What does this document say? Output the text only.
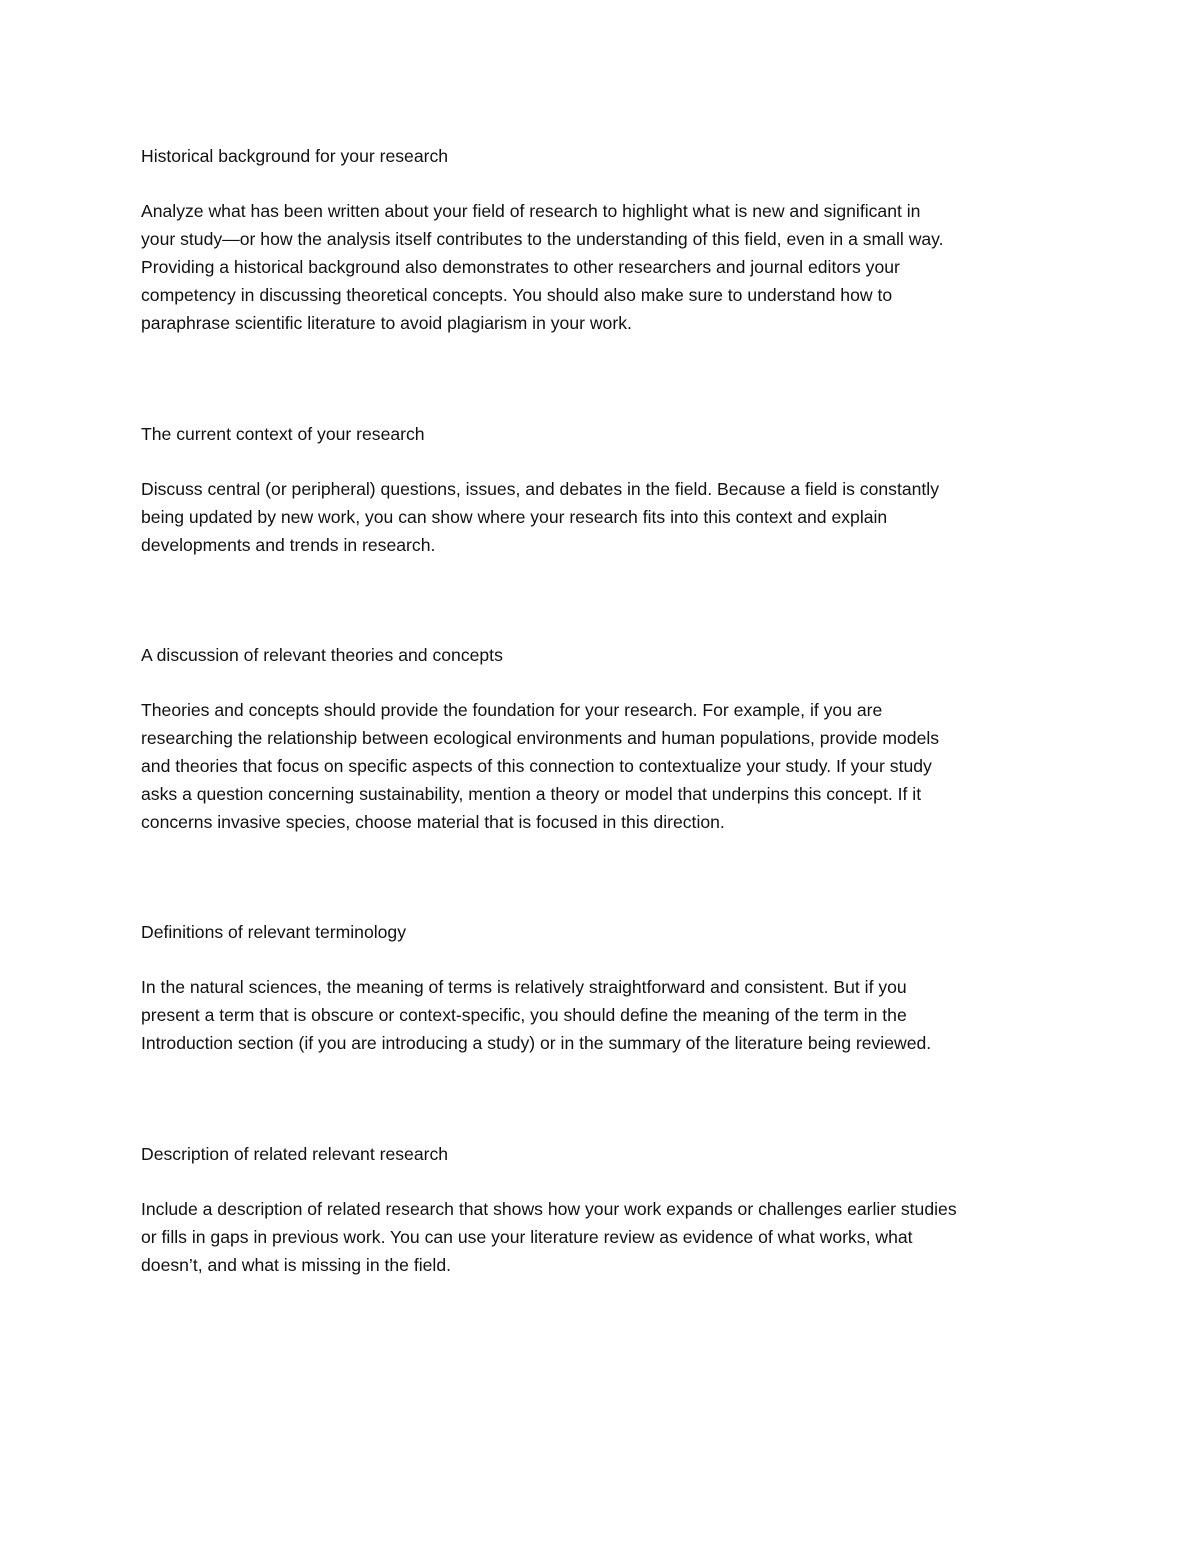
Historical background for your research

Analyze what has been written about your field of research to highlight what is new and significant in
your study—or how the analysis itself contributes to the understanding of this field, even in a small way.
Providing a historical background also demonstrates to other researchers and journal editors your
competency in discussing theoretical concepts. You should also make sure to understand how to
paraphrase scientific literature to avoid plagiarism in your work.

The current context of your research

Discuss central (or peripheral) questions, issues, and debates in the field. Because a field is constantly
being updated by new work, you can show where your research fits into this context and explain
developments and trends in research.

A discussion of relevant theories and concepts

Theories and concepts should provide the foundation for your research. For example, if you are
researching the relationship between ecological environments and human populations, provide models
and theories that focus on specific aspects of this connection to contextualize your study. If your study
asks a question concerning sustainability, mention a theory or model that underpins this concept. If it
concerns invasive species, choose material that is focused in this direction.

Definitions of relevant terminology

In the natural sciences, the meaning of terms is relatively straightforward and consistent. But if you
present a term that is obscure or context-specific, you should define the meaning of the term in the
Introduction section (if you are introducing a study) or in the summary of the literature being reviewed.

Description of related relevant research

Include a description of related research that shows how your work expands or challenges earlier studies
or fills in gaps in previous work. You can use your literature review as evidence of what works, what
doesn’t, and what is missing in the field.
